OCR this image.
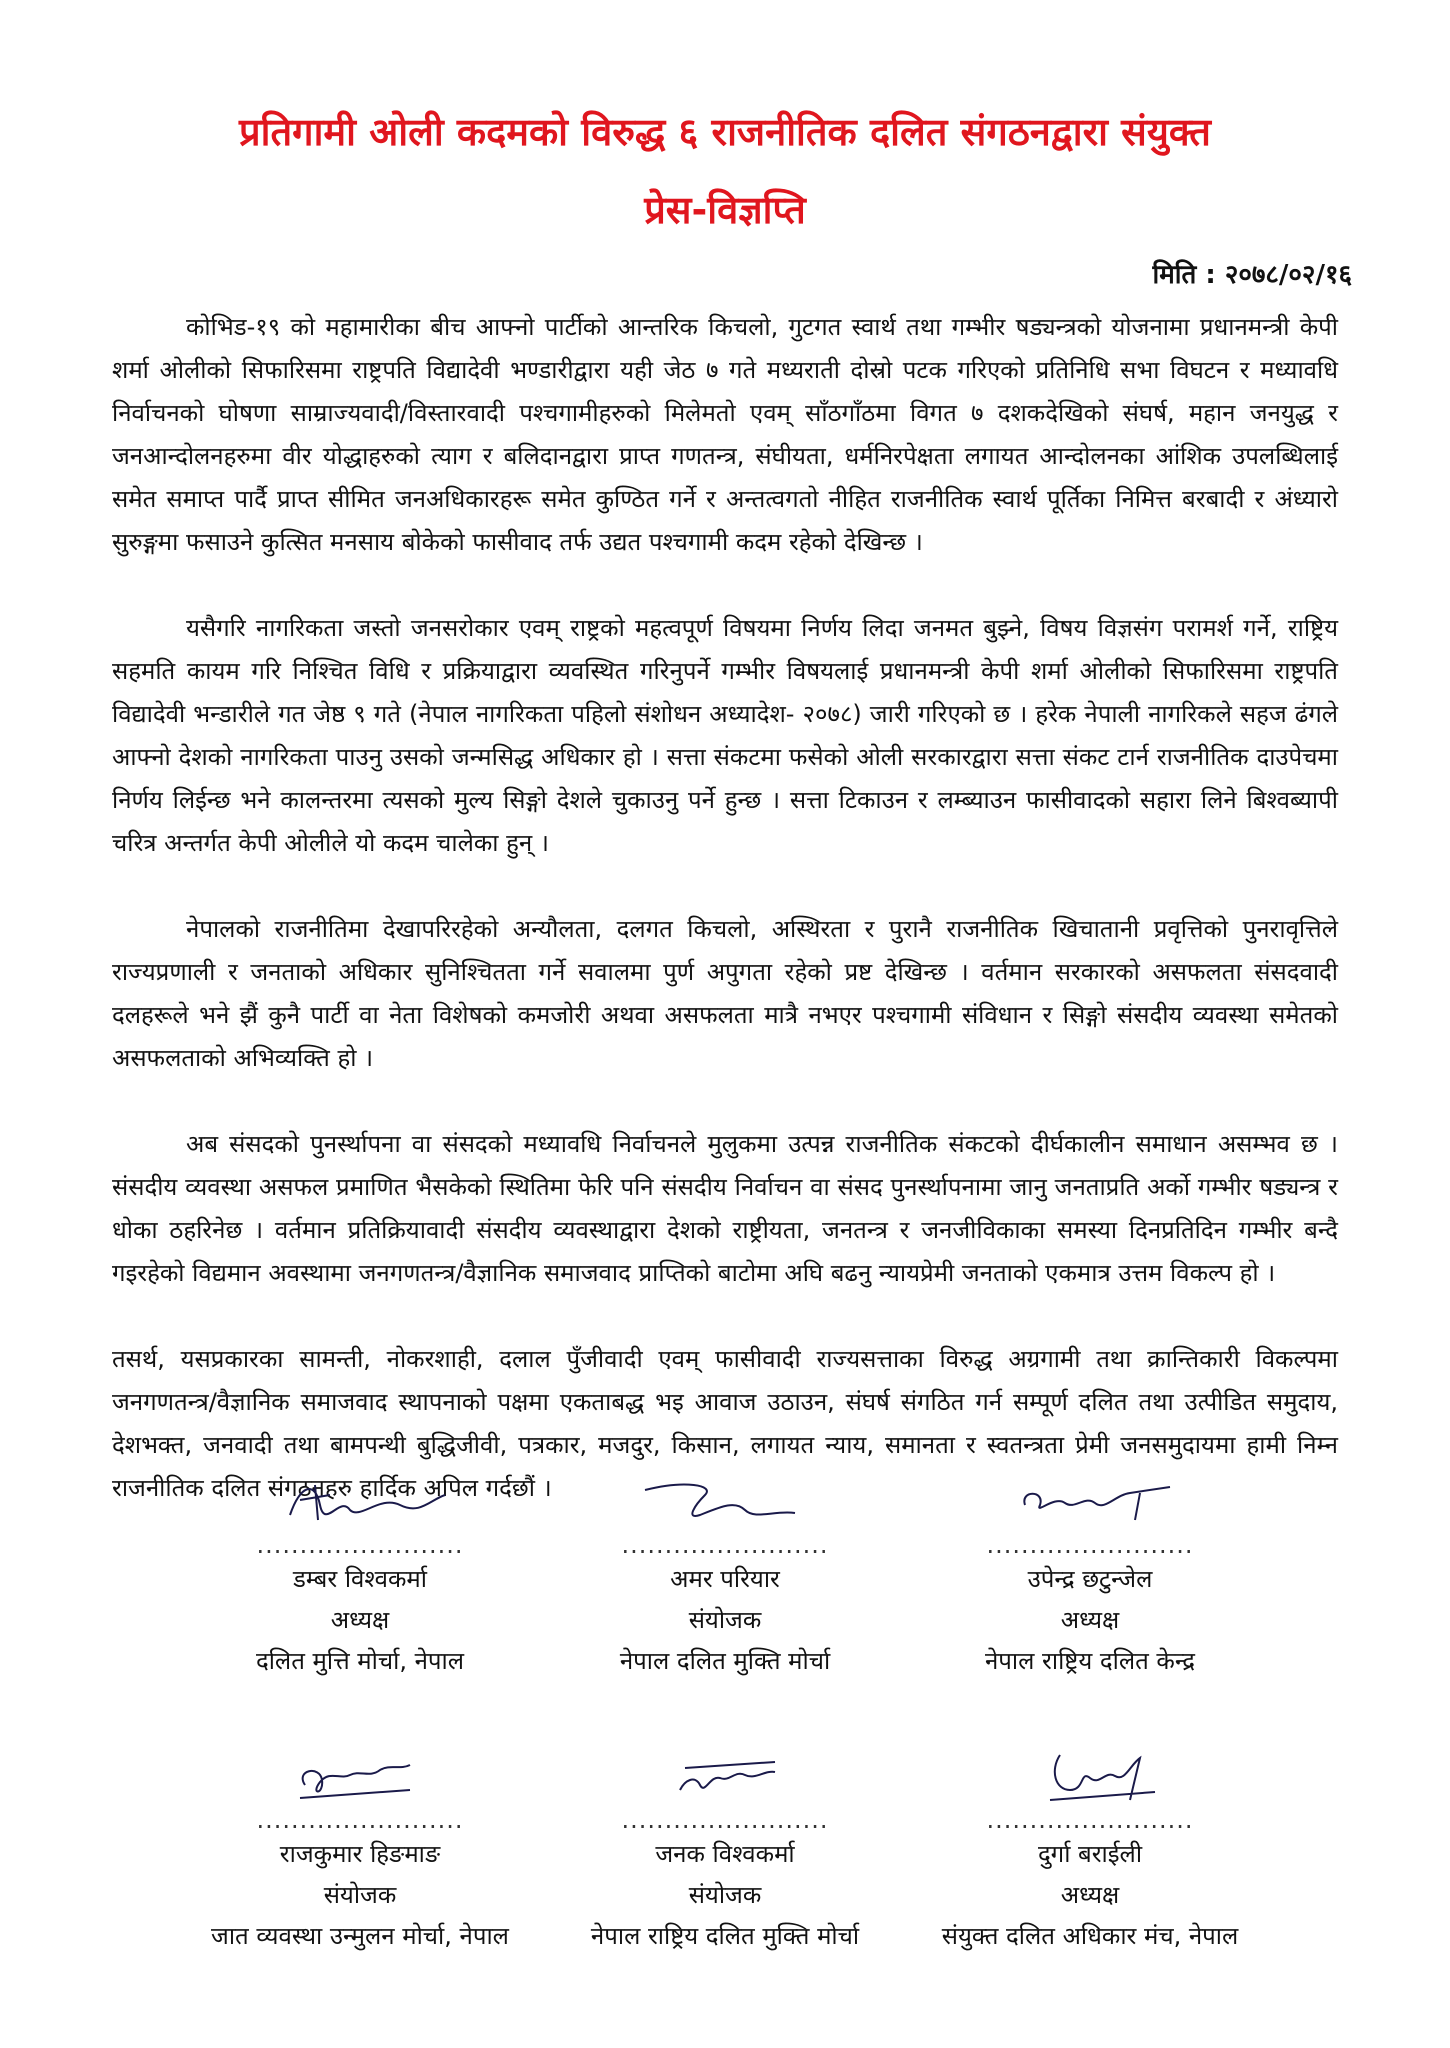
प्रतिगामी ओली कदमको विरुद्ध ६ राजनीतिक दलित संगठनद्वारा संयुक्त
प्रेस-विज्ञप्ति
मिति : २०७८/०२/१६

कोभिड-१९ को महामारीका बीच आफ्नो पार्टीको आन्तरिक किचलो, गुटगत स्वार्थ तथा गम्भीर षड्यन्त्रको योजनामा प्रधानमन्त्री केपी शर्मा ओलीको सिफारिसमा राष्ट्रपति विद्यादेवी भण्डारीद्वारा यही जेठ ७ गते मध्यराती दोस्रो पटक गरिएको प्रतिनिधि सभा विघटन र मध्यावधि निर्वाचनको घोषणा साम्राज्यवादी/विस्तारवादी पश्चगामीहरुको मिलेमतो एवम् साँठगाँठमा विगत ७ दशकदेखिको संघर्ष, महान जनयुद्ध र जनआन्दोलनहरुमा वीर योद्धाहरुको त्याग र बलिदानद्वारा प्राप्त गणतन्त्र, संघीयता, धर्मनिरपेक्षता लगायत आन्दोलनका आंशिक उपलब्धिलाई समेत समाप्त पार्दै प्राप्त सीमित जनअधिकारहरू समेत कुण्ठित गर्ने र अन्तत्वगतो नीहित राजनीतिक स्वार्थ पूर्तिका निमित्त बरबादी र अंध्यारो सुरुङ्गमा फसाउने कुत्सित मनसाय बोकेको फासीवाद तर्फ उद्यत पश्चगामी कदम रहेको देखिन्छ ।

यसैगरि नागरिकता जस्तो जनसरोकार एवम् राष्ट्रको महत्वपूर्ण विषयमा निर्णय लिदा जनमत बुझ्ने, विषय विज्ञसंग परामर्श गर्ने, राष्ट्रिय सहमति कायम गरि निश्चित विधि र प्रक्रियाद्वारा व्यवस्थित गरिनुपर्ने गम्भीर विषयलाई प्रधानमन्त्री केपी शर्मा ओलीको सिफारिसमा राष्ट्रपति विद्यादेवी भन्डारीले गत जेष्ठ ९ गते (नेपाल नागरिकता पहिलो संशोधन अध्यादेश- २०७८) जारी गरिएको छ । हरेक नेपाली नागरिकले सहज ढंगले आफ्नो देशको नागरिकता पाउनु उसको जन्मसिद्ध अधिकार हो । सत्ता संकटमा फसेको ओली सरकारद्वारा सत्ता संकट टार्न राजनीतिक दाउपेचमा निर्णय लिईन्छ भने कालन्तरमा त्यसको मुल्य सिङ्गो देशले चुकाउनु पर्ने हुन्छ । सत्ता टिकाउन र लम्ब्याउन फासीवादको सहारा लिने बिश्वब्यापी चरित्र अन्तर्गत केपी ओलीले यो कदम चालेका हुन् ।

नेपालको राजनीतिमा देखापरिरहेको अन्यौलता, दलगत किचलो, अस्थिरता र पुरानै राजनीतिक खिचातानी प्रवृत्तिको पुनरावृत्तिले राज्यप्रणाली र जनताको अधिकार सुनिश्चितता गर्ने सवालमा पुर्ण अपुगता रहेको प्रष्ट देखिन्छ । वर्तमान सरकारको असफलता संसदवादी दलहरूले भने झैं कुनै पार्टी वा नेता विशेषको कमजोरी अथवा असफलता मात्रै नभएर पश्चगामी संविधान र सिङ्गो संसदीय व्यवस्था समेतको असफलताको अभिव्यक्ति हो ।

अब संसदको पुनर्स्थापना वा संसदको मध्यावधि निर्वाचनले मुलुकमा उत्पन्न राजनीतिक संकटको दीर्घकालीन समाधान असम्भव छ । संसदीय व्यवस्था असफल प्रमाणित भैसकेको स्थितिमा फेरि पनि संसदीय निर्वाचन वा संसद पुनर्स्थापनामा जानु जनताप्रति अर्को गम्भीर षड्यन्त्र र धोका ठहरिनेछ । वर्तमान प्रतिक्रियावादी संसदीय व्यवस्थाद्वारा देशको राष्ट्रीयता, जनतन्त्र र जनजीविकाका समस्या दिनप्रतिदिन गम्भीर बन्दै गइरहेको विद्यमान अवस्थामा जनगणतन्त्र/वैज्ञानिक समाजवाद प्राप्तिको बाटोमा अघि बढनु न्यायप्रेमी जनताको एकमात्र उत्तम विकल्प हो ।

तसर्थ, यसप्रकारका सामन्ती, नोकरशाही, दलाल पुँजीवादी एवम् फासीवादी राज्यसत्ताका विरुद्ध अग्रगामी तथा क्रान्तिकारी विकल्पमा जनगणतन्त्र/वैज्ञानिक समाजवाद स्थापनाको पक्षमा एकताबद्ध भइ आवाज उठाउन, संघर्ष संगठित गर्न सम्पूर्ण दलित तथा उत्पीडित समुदाय, देशभक्त, जनवादी तथा बामपन्थी बुद्धिजीवी, पत्रकार, मजदुर, किसान, लगायत न्याय, समानता र स्वतन्त्रता प्रेमी जनसमुदायमा हामी निम्न राजनीतिक दलित संगठनहरु हार्दिक अपिल गर्दछौं ।

........................
डम्बर विश्वकर्मा
अध्यक्ष
दलित मुत्ति मोर्चा, नेपाल
........................
अमर परियार
संयोजक
नेपाल दलित मुक्ति मोर्चा
........................
उपेन्द्र छटुन्जेल
अध्यक्ष
नेपाल राष्ट्रिय दलित केन्द्र
........................
राजकुमार हिङमाङ
संयोजक
जात व्यवस्था उन्मुलन मोर्चा, नेपाल
........................
जनक विश्वकर्मा
संयोजक
नेपाल राष्ट्रिय दलित मुक्ति मोर्चा
........................
दुर्गा बराईली
अध्यक्ष
संयुक्त दलित अधिकार मंच, नेपाल
